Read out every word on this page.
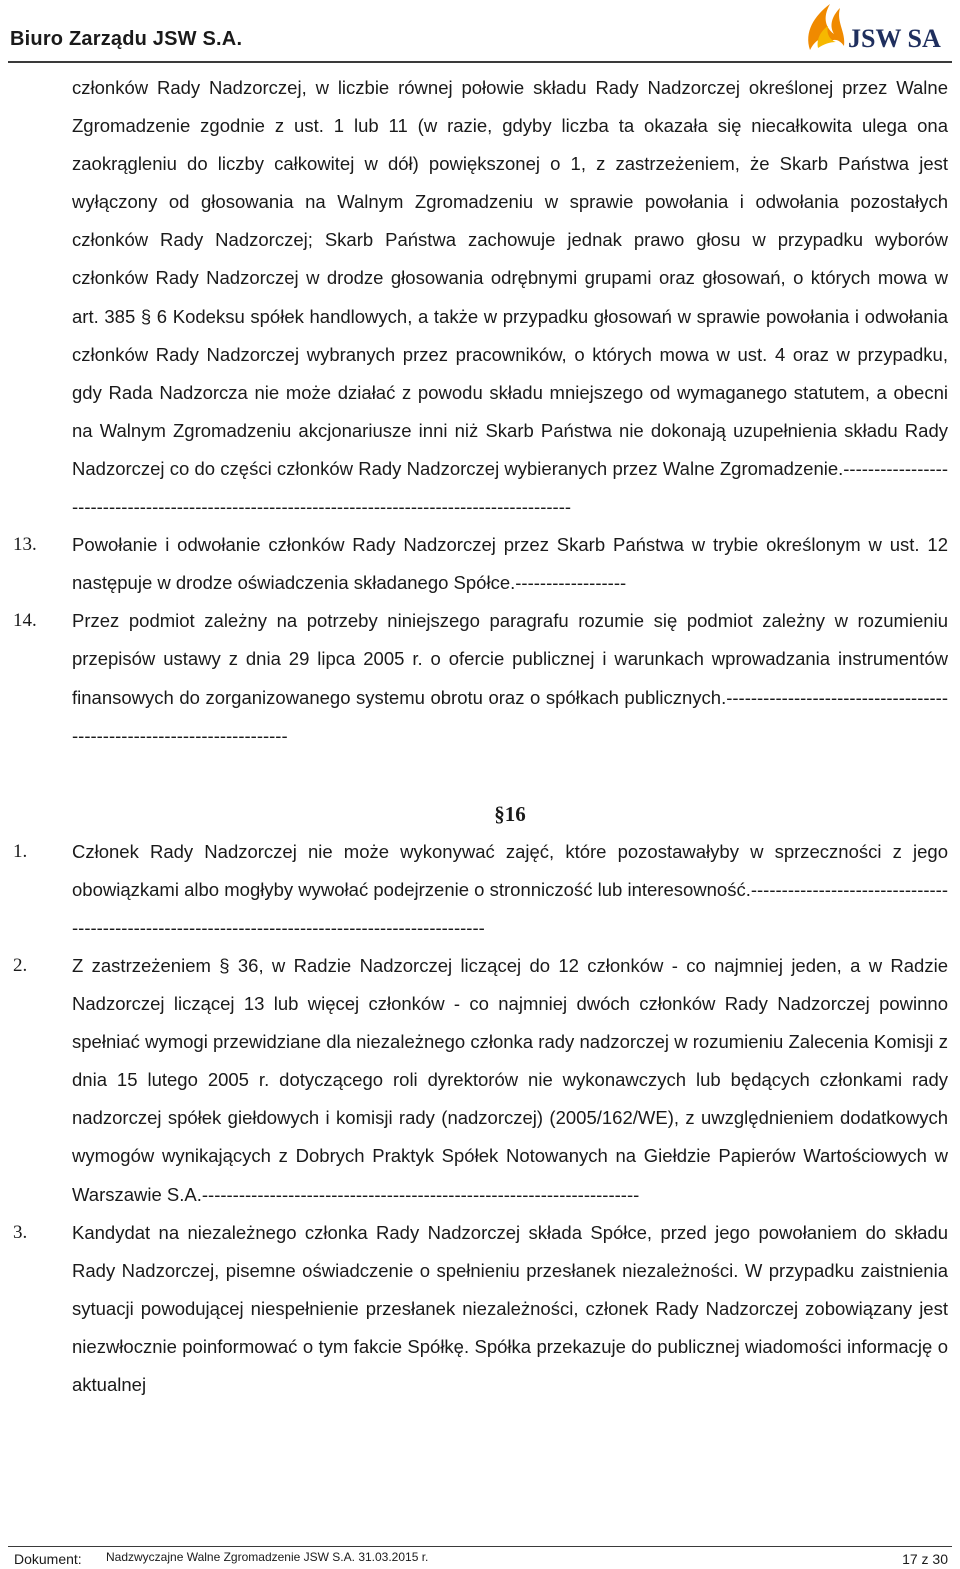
Biuro Zarządu JSW S.A.	JSW SA

członków Rady Nadzorczej, w liczbie równej połowie składu Rady Nadzorczej określonej przez Walne Zgromadzenie zgodnie z ust. 1 lub 11 (w razie, gdyby liczba ta okazała się niecałkowita ulega ona zaokrągleniu do liczby całkowitej w dół) powiększonej o 1, z zastrzeżeniem, że Skarb Państwa jest wyłączony od głosowania na Walnym Zgromadzeniu w sprawie powołania i odwołania pozostałych członków Rady Nadzorczej; Skarb Państwa zachowuje jednak prawo głosu w przypadku wyborów członków Rady Nadzorczej w drodze głosowania odrębnymi grupami oraz głosowań, o których mowa w art. 385 § 6 Kodeksu spółek handlowych, a także w przypadku głosowań w sprawie powołania i odwołania członków Rady Nadzorczej wybranych przez pracowników, o których mowa w ust. 4 oraz w przypadku, gdy Rada Nadzorcza nie może działać z powodu składu mniejszego od wymaganego statutem, a obecni na Walnym Zgromadzeniu akcjonariusze inni niż Skarb Państwa nie dokonają uzupełnienia składu Rady Nadzorczej co do części członków Rady Nadzorczej wybieranych przez Walne Zgromadzenie.--------------------------------------------------------------------------------------------------

13. Powołanie i odwołanie członków Rady Nadzorczej przez Skarb Państwa w trybie określonym w ust. 12 następuje w drodze oświadczenia składanego Spółce.------------------

14. Przez podmiot zależny na potrzeby niniejszego paragrafu rozumie się podmiot zależny w rozumieniu przepisów ustawy z dnia 29 lipca 2005 r. o ofercie publicznej i warunkach wprowadzania instrumentów finansowych do zorganizowanego systemu obrotu oraz o spółkach publicznych.-----------------------------------------------------------------------

§16
1. Członek Rady Nadzorczej nie może wykonywać zajęć, które pozostawałyby w sprzeczności z jego obowiązkami albo mogłyby wywołać podejrzenie o stronniczość lub interesowność.---------------------------------------------------------------------------------------------------

2. Z zastrzeżeniem § 36, w Radzie Nadzorczej liczącej do 12 członków - co najmniej jeden, a w Radzie Nadzorczej liczącej 13 lub więcej członków - co najmniej dwóch członków Rady Nadzorczej powinno spełniać wymogi przewidziane dla niezależnego członka rady nadzorczej w rozumieniu Zalecenia Komisji z dnia 15 lutego 2005 r. dotyczącego roli dyrektorów nie wykonawczych lub będących członkami rady nadzorczej spółek giełdowych i komisji rady (nadzorczej) (2005/162/WE), z uwzględnieniem dodatkowych wymogów wynikających z Dobrych Praktyk Spółek Notowanych na Giełdzie Papierów Wartościowych w Warszawie S.A.-----------------------------------------------------------------------

3. Kandydat na niezależnego członka Rady Nadzorczej składa Spółce, przed jego powołaniem do składu Rady Nadzorczej, pisemne oświadczenie o spełnieniu przesłanek niezależności. W przypadku zaistnienia sytuacji powodującej niespełnienie przesłanek niezależności, członek Rady Nadzorczej zobowiązany jest niezwłocznie poinformować o tym fakcie Spółkę. Spółka przekazuje do publicznej wiadomości informację o aktualnej

Dokument: Nadzwyczajne Walne Zgromadzenie JSW S.A. 31.03.2015 r.	17 z 30
